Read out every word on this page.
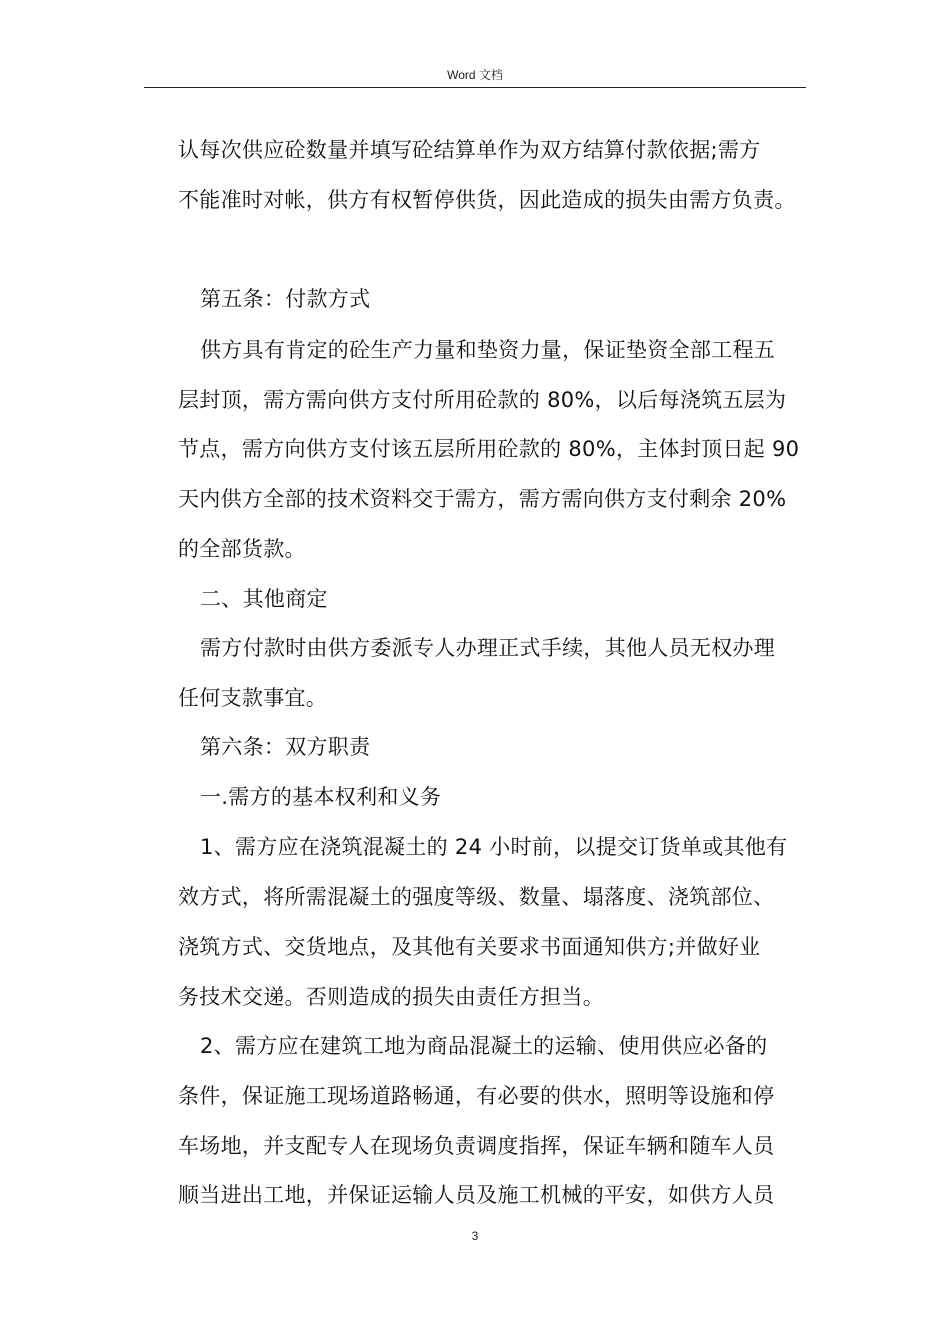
Word 文档
认每次供应砼数量并填写砼结算单作为双方结算付款依据;需方
不能准时对帐，供方有权暂停供货，因此造成的损失由需方负责。
第五条：付款方式
供方具有肯定的砼生产力量和垫资力量，保证垫资全部工程五
层封顶，需方需向供方支付所用砼款的 80%，以后每浇筑五层为
节点，需方向供方支付该五层所用砼款的 80%，主体封顶日起 90
天内供方全部的技术资料交于需方，需方需向供方支付剩余 20%
的全部货款。
二、其他商定
需方付款时由供方委派专人办理正式手续，其他人员无权办理
任何支款事宜。
第六条：双方职责
一.需方的基本权利和义务
1、需方应在浇筑混凝土的 24 小时前，以提交订货单或其他有
效方式，将所需混凝土的强度等级、数量、塌落度、浇筑部位、
浇筑方式、交货地点，及其他有关要求书面通知供方;并做好业
务技术交递。否则造成的损失由责任方担当。
2、需方应在建筑工地为商品混凝土的运输、使用供应必备的
条件，保证施工现场道路畅通，有必要的供水，照明等设施和停
车场地，并支配专人在现场负责调度指挥，保证车辆和随车人员
顺当进出工地，并保证运输人员及施工机械的平安，如供方人员
3
